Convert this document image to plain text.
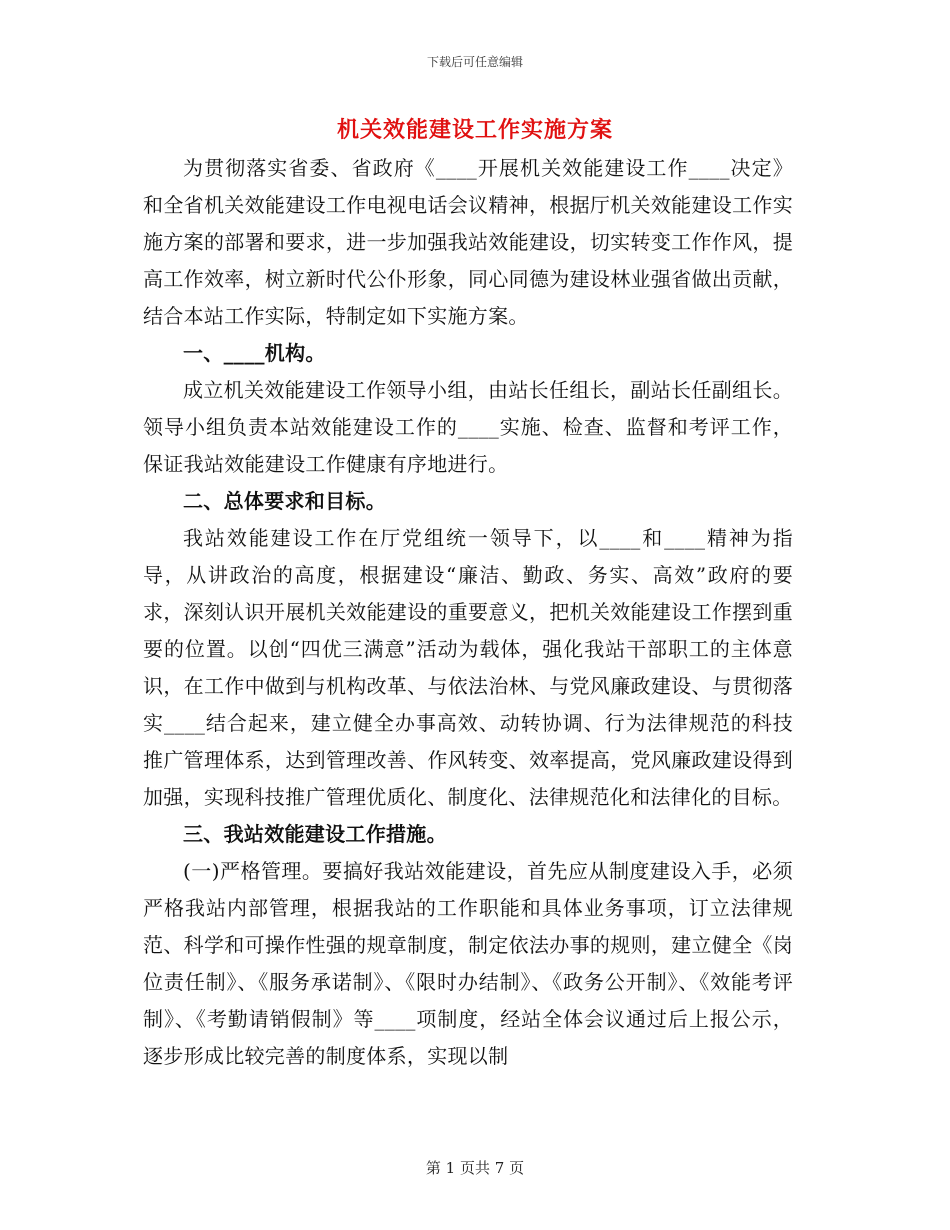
下载后可任意编辑
机关效能建设工作实施方案

为贯彻落实省委、省政府《____开展机关效能建设工作____决定》和全省机关效能建设工作电视电话会议精神，根据厅机关效能建设工作实施方案的部署和要求，进一步加强我站效能建设，切实转变工作作风，提高工作效率，树立新时代公仆形象，同心同德为建设林业强省做出贡献，结合本站工作实际，特制定如下实施方案。

一、____机构。

成立机关效能建设工作领导小组，由站长任组长，副站长任副组长。领导小组负责本站效能建设工作的____实施、检查、监督和考评工作，保证我站效能建设工作健康有序地进行。

二、总体要求和目标。

我站效能建设工作在厅党组统一领导下，以____和____精神为指导，从讲政治的高度，根据建设“廉洁、勤政、务实、高效”政府的要求，深刻认识开展机关效能建设的重要意义，把机关效能建设工作摆到重要的位置。以创“四优三满意”活动为载体，强化我站干部职工的主体意识，在工作中做到与机构改革、与依法治林、与党风廉政建设、与贯彻落实____结合起来，建立健全办事高效、动转协调、行为法律规范的科技推广管理体系，达到管理改善、作风转变、效率提高，党风廉政建设得到加强，实现科技推广管理优质化、制度化、法律规范化和法律化的目标。

三、我站效能建设工作措施。

(一)严格管理。要搞好我站效能建设，首先应从制度建设入手，必须严格我站内部管理，根据我站的工作职能和具体业务事项，订立法律规范、科学和可操作性强的规章制度，制定依法办事的规则，建立健全《岗位责任制》、《服务承诺制》、《限时办结制》、《政务公开制》、《效能考评制》、《考勤请销假制》等____项制度，经站全体会议通过后上报公示，逐步形成比较完善的制度体系，实现以制

第 1 页共 7 页
